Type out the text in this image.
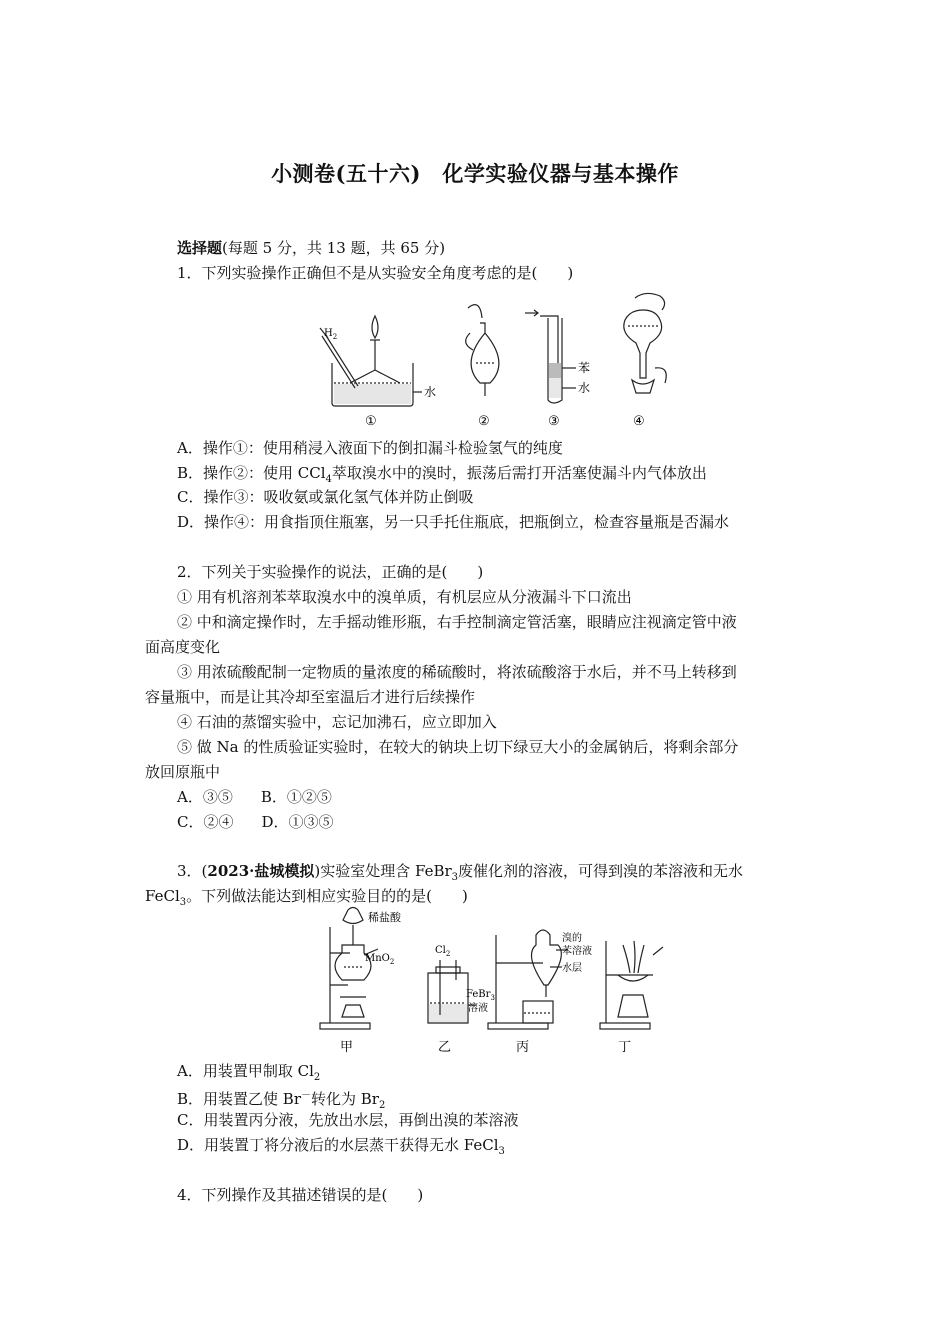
小测卷(五十六)　化学实验仪器与基本操作
选择题(每题 5 分，共 13 题，共 65 分)
1．下列实验操作正确但不是从实验安全角度考虑的是(　　)
$H_2$
水
苯
水
①	②	③	④
A．操作①：使用稍浸入液面下的倒扣漏斗检验氢气的纯度
B．操作②：使用 CCl$_4$萃取溴水中的溴时，振荡后需打开活塞使漏斗内气体放出
C．操作③：吸收氨或氯化氢气体并防止倒吸
D．操作④：用食指顶住瓶塞，另一只手托住瓶底，把瓶倒立，检查容量瓶是否漏水
2．下列关于实验操作的说法，正确的是(　　)
① 用有机溶剂苯萃取溴水中的溴单质，有机层应从分液漏斗下口流出
② 中和滴定操作时，左手摇动锥形瓶，右手控制滴定管活塞，眼睛应注视滴定管中液
面高度变化
③ 用浓硫酸配制一定物质的量浓度的稀硫酸时，将浓硫酸溶于水后，并不马上转移到
容量瓶中，而是让其冷却至室温后才进行后续操作
④ 石油的蒸馏实验中，忘记加沸石，应立即加入
⑤ 做 Na 的性质验证实验时，在较大的钠块上切下绿豆大小的金属钠后，将剩余部分
放回原瓶中
A．③⑤ B．①②⑤
C．②④ D．①③⑤
3．(2023·盐城模拟)实验室处理含 FeBr$_3$废催化剂的溶液，可得到溴的苯溶液和无水
FeCl$_3$。下列做法能达到相应实验目的的是(　　)
稀盐酸
MnO$_2$
$Cl_2$
FeBr$_3$
溶液
溴的
苯溶液
水层
甲	乙	丙	丁
A．用装置甲制取 $Cl_2$
B．用装置乙使 Br－转化为 $Br_2$
C．用装置丙分液，先放出水层，再倒出溴的苯溶液
D．用装置丁将分液后的水层蒸干获得无水 FeCl$_3$
4．下列操作及其描述错误的是(　　)
